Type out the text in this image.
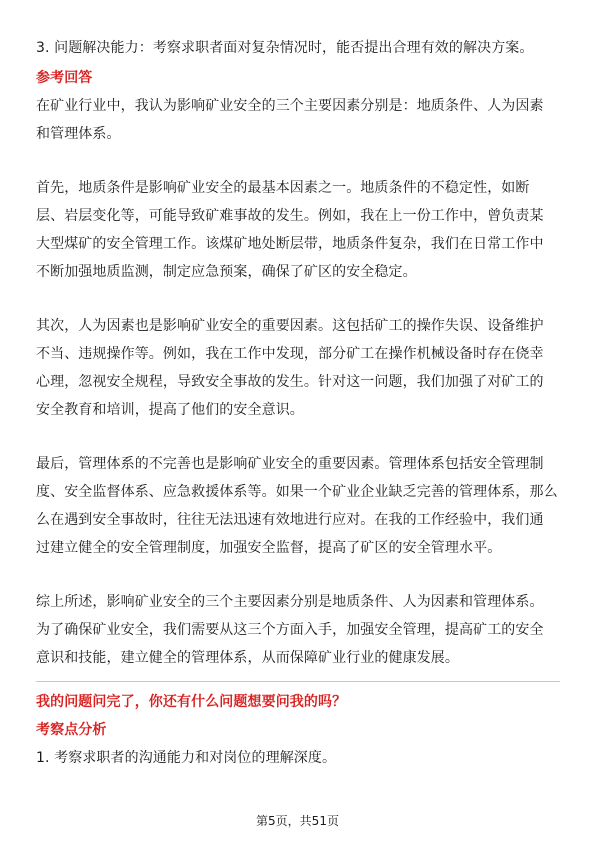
3. 问题解决能力：考察求职者面对复杂情况时，能否提出合理有效的解决方案。
参考回答
在矿业行业中，我认为影响矿业安全的三个主要因素分别是：地质条件、人为因素
和管理体系。
首先，地质条件是影响矿业安全的最基本因素之一。地质条件的不稳定性，如断
层、岩层变化等，可能导致矿难事故的发生。例如，我在上一份工作中，曾负责某
大型煤矿的安全管理工作。该煤矿地处断层带，地质条件复杂，我们在日常工作中
不断加强地质监测，制定应急预案，确保了矿区的安全稳定。
其次，人为因素也是影响矿业安全的重要因素。这包括矿工的操作失误、设备维护
不当、违规操作等。例如，我在工作中发现，部分矿工在操作机械设备时存在侥幸
心理，忽视安全规程，导致安全事故的发生。针对这一问题，我们加强了对矿工的
安全教育和培训，提高了他们的安全意识。
最后，管理体系的不完善也是影响矿业安全的重要因素。管理体系包括安全管理制
度、安全监督体系、应急救援体系等。如果一个矿业企业缺乏完善的管理体系，那么
么在遇到安全事故时，往往无法迅速有效地进行应对。在我的工作经验中，我们通
过建立健全的安全管理制度，加强安全监督，提高了矿区的安全管理水平。
综上所述，影响矿业安全的三个主要因素分别是地质条件、人为因素和管理体系。
为了确保矿业安全，我们需要从这三个方面入手，加强安全管理，提高矿工的安全
意识和技能，建立健全的管理体系，从而保障矿业行业的健康发展。
我的问题问完了，你还有什么问题想要问我的吗？
考察点分析
1. 考察求职者的沟通能力和对岗位的理解深度。
第5页，共51页
